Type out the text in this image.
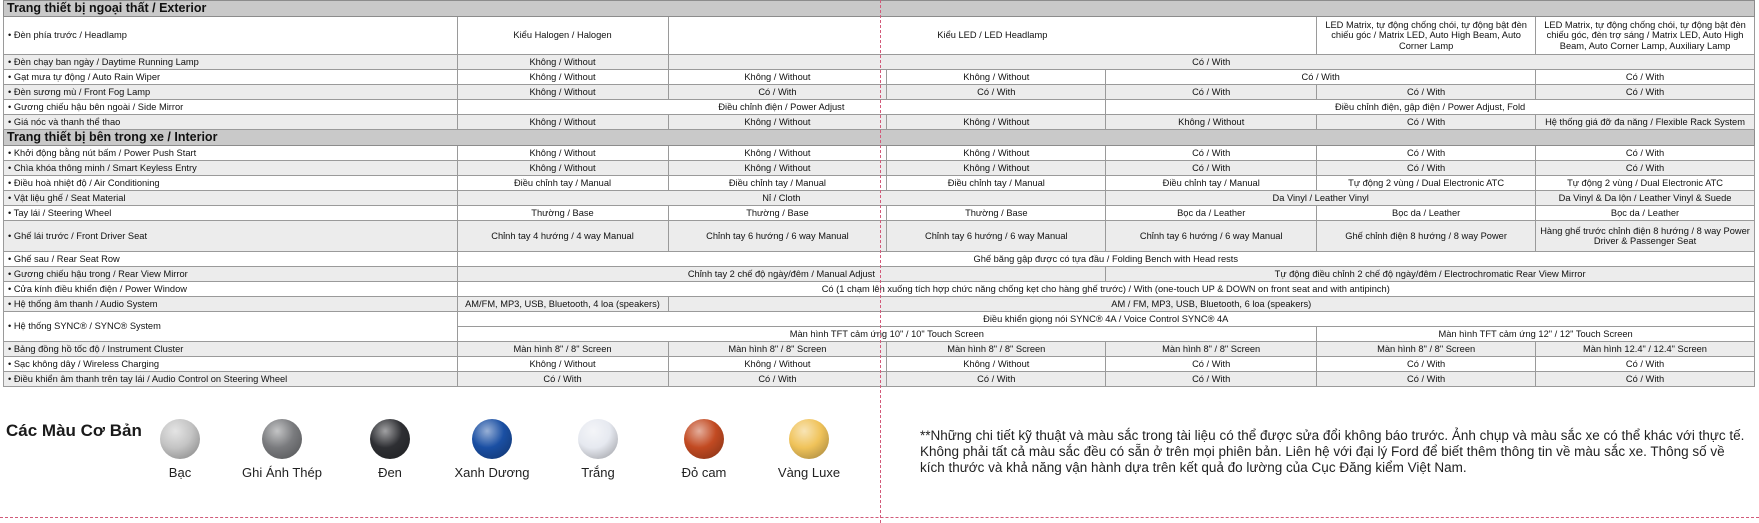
Trang thiết bị ngoại thất / Exterior						
• Đèn phía trước / Headlamp	Kiểu Halogen / Halogen	Kiểu LED / LED Headlamp			LED Matrix, tự động chống chói, tự động bật đèn chiếu góc / Matrix LED, Auto High Beam, Auto Corner Lamp	LED Matrix, tự động chống chói, tự động bật đèn chiếu góc, đèn trợ sáng / Matrix LED, Auto High Beam, Auto Corner Lamp, Auxiliary Lamp
• Đèn chạy ban ngày / Daytime Running Lamp	Không / Without	Có / With				
• Gạt mưa tự động / Auto Rain Wiper	Không / Without	Không / Without	Không / Without	Có / With		Có / With
• Đèn sương mù / Front Fog Lamp	Không / Without	Có / With	Có / With	Có / With	Có / With	Có / With
• Gương chiếu hậu bên ngoài / Side Mirror	Điều chỉnh điện / Power Adjust			Điều chỉnh điện, gập điện / Power Adjust, Fold		
• Giá nóc và thanh thể thao	Không / Without	Không / Without	Không / Without	Không / Without	Có / With	Hệ thống giá đỡ đa năng / Flexible Rack System
Trang thiết bị bên trong xe / Interior						
• Khởi động bằng nút bấm / Power Push Start	Không / Without	Không / Without	Không / Without	Có / With	Có / With	Có / With
• Chìa khóa thông minh / Smart Keyless Entry	Không / Without	Không / Without	Không / Without	Có / With	Có / With	Có / With
• Điều hoà nhiệt độ / Air Conditioning	Điều chỉnh tay / Manual	Điều chỉnh tay / Manual	Điều chỉnh tay / Manual	Điều chỉnh tay / Manual	Tự động 2 vùng / Dual Electronic ATC	Tự động 2 vùng / Dual Electronic ATC
• Vật liệu ghế / Seat Material	Nỉ / Cloth			Da Vinyl / Leather Vinyl		Da Vinyl & Da lộn / Leather Vinyl & Suede
• Tay lái / Steering Wheel	Thường / Base	Thường / Base	Thường / Base	Bọc da / Leather	Bọc da / Leather	Bọc da / Leather
• Ghế lái trước / Front Driver Seat	Chỉnh tay 4 hướng / 4 way Manual	Chỉnh tay 6 hướng / 6 way Manual	Chỉnh tay 6 hướng / 6 way Manual	Chỉnh tay 6 hướng / 6 way Manual	Ghế chỉnh điện 8 hướng / 8 way Power	Hàng ghế trước chỉnh điện 8 hướng / 8 way Power Driver & Passenger Seat
• Ghế sau / Rear Seat Row	Ghế băng gập được có tựa đầu / Folding Bench with Head rests					
• Gương chiếu hậu trong / Rear View Mirror	Chỉnh tay 2 chế độ ngày/đêm / Manual Adjust			Tự động điều chỉnh 2 chế độ ngày/đêm / Electrochromatic Rear View Mirror		
• Cửa kính điều khiển điện / Power Window	Có (1 chạm lên xuống tích hợp chức năng chống kẹt cho hàng ghế trước) / With (one-touch UP & DOWN on front seat and with antipinch)					
• Hệ thống âm thanh / Audio System	AM/FM, MP3, USB, Bluetooth, 4 loa (speakers)	AM / FM, MP3, USB, Bluetooth, 6 loa (speakers)				
• Hệ thống SYNC® / SYNC® System	Điều khiển giọng nói SYNC® 4A / Voice Control SYNC® 4A					
	Màn hình TFT cảm ứng 10" / 10" Touch Screen				Màn hình TFT cảm ứng 12" / 12" Touch Screen	
• Bảng đồng hồ tốc độ / Instrument Cluster	Màn hình 8" / 8" Screen	Màn hình 8" / 8" Screen	Màn hình 8" / 8" Screen	Màn hình 8" / 8" Screen	Màn hình 8" / 8" Screen	Màn hình 12.4" / 12.4" Screen
• Sạc không dây / Wireless Charging	Không / Without	Không / Without	Không / Without	Có / With	Có / With	Có / With
• Điều khiển âm thanh trên tay lái / Audio Control on Steering Wheel	Có / With	Có / With	Có / With	Có / With	Có / With	Có / With
Các Màu Cơ Bản
Bạc	Ghi Ánh Thép	Đen	Xanh Dương	Trắng	Đỏ cam	Vàng Luxe
**Những chi tiết kỹ thuật và màu sắc trong tài liệu có thể được sửa đổi không báo trước. Ảnh chụp và màu sắc xe có thể khác với thực tế. Không phải tất cả màu sắc đều có sẵn ở trên mọi phiên bản. Liên hệ với đại lý Ford để biết thêm thông tin về màu sắc xe. Thông số về kích thước và khả năng vận hành dựa trên kết quả đo lường của Cục Đăng kiểm Việt Nam.
